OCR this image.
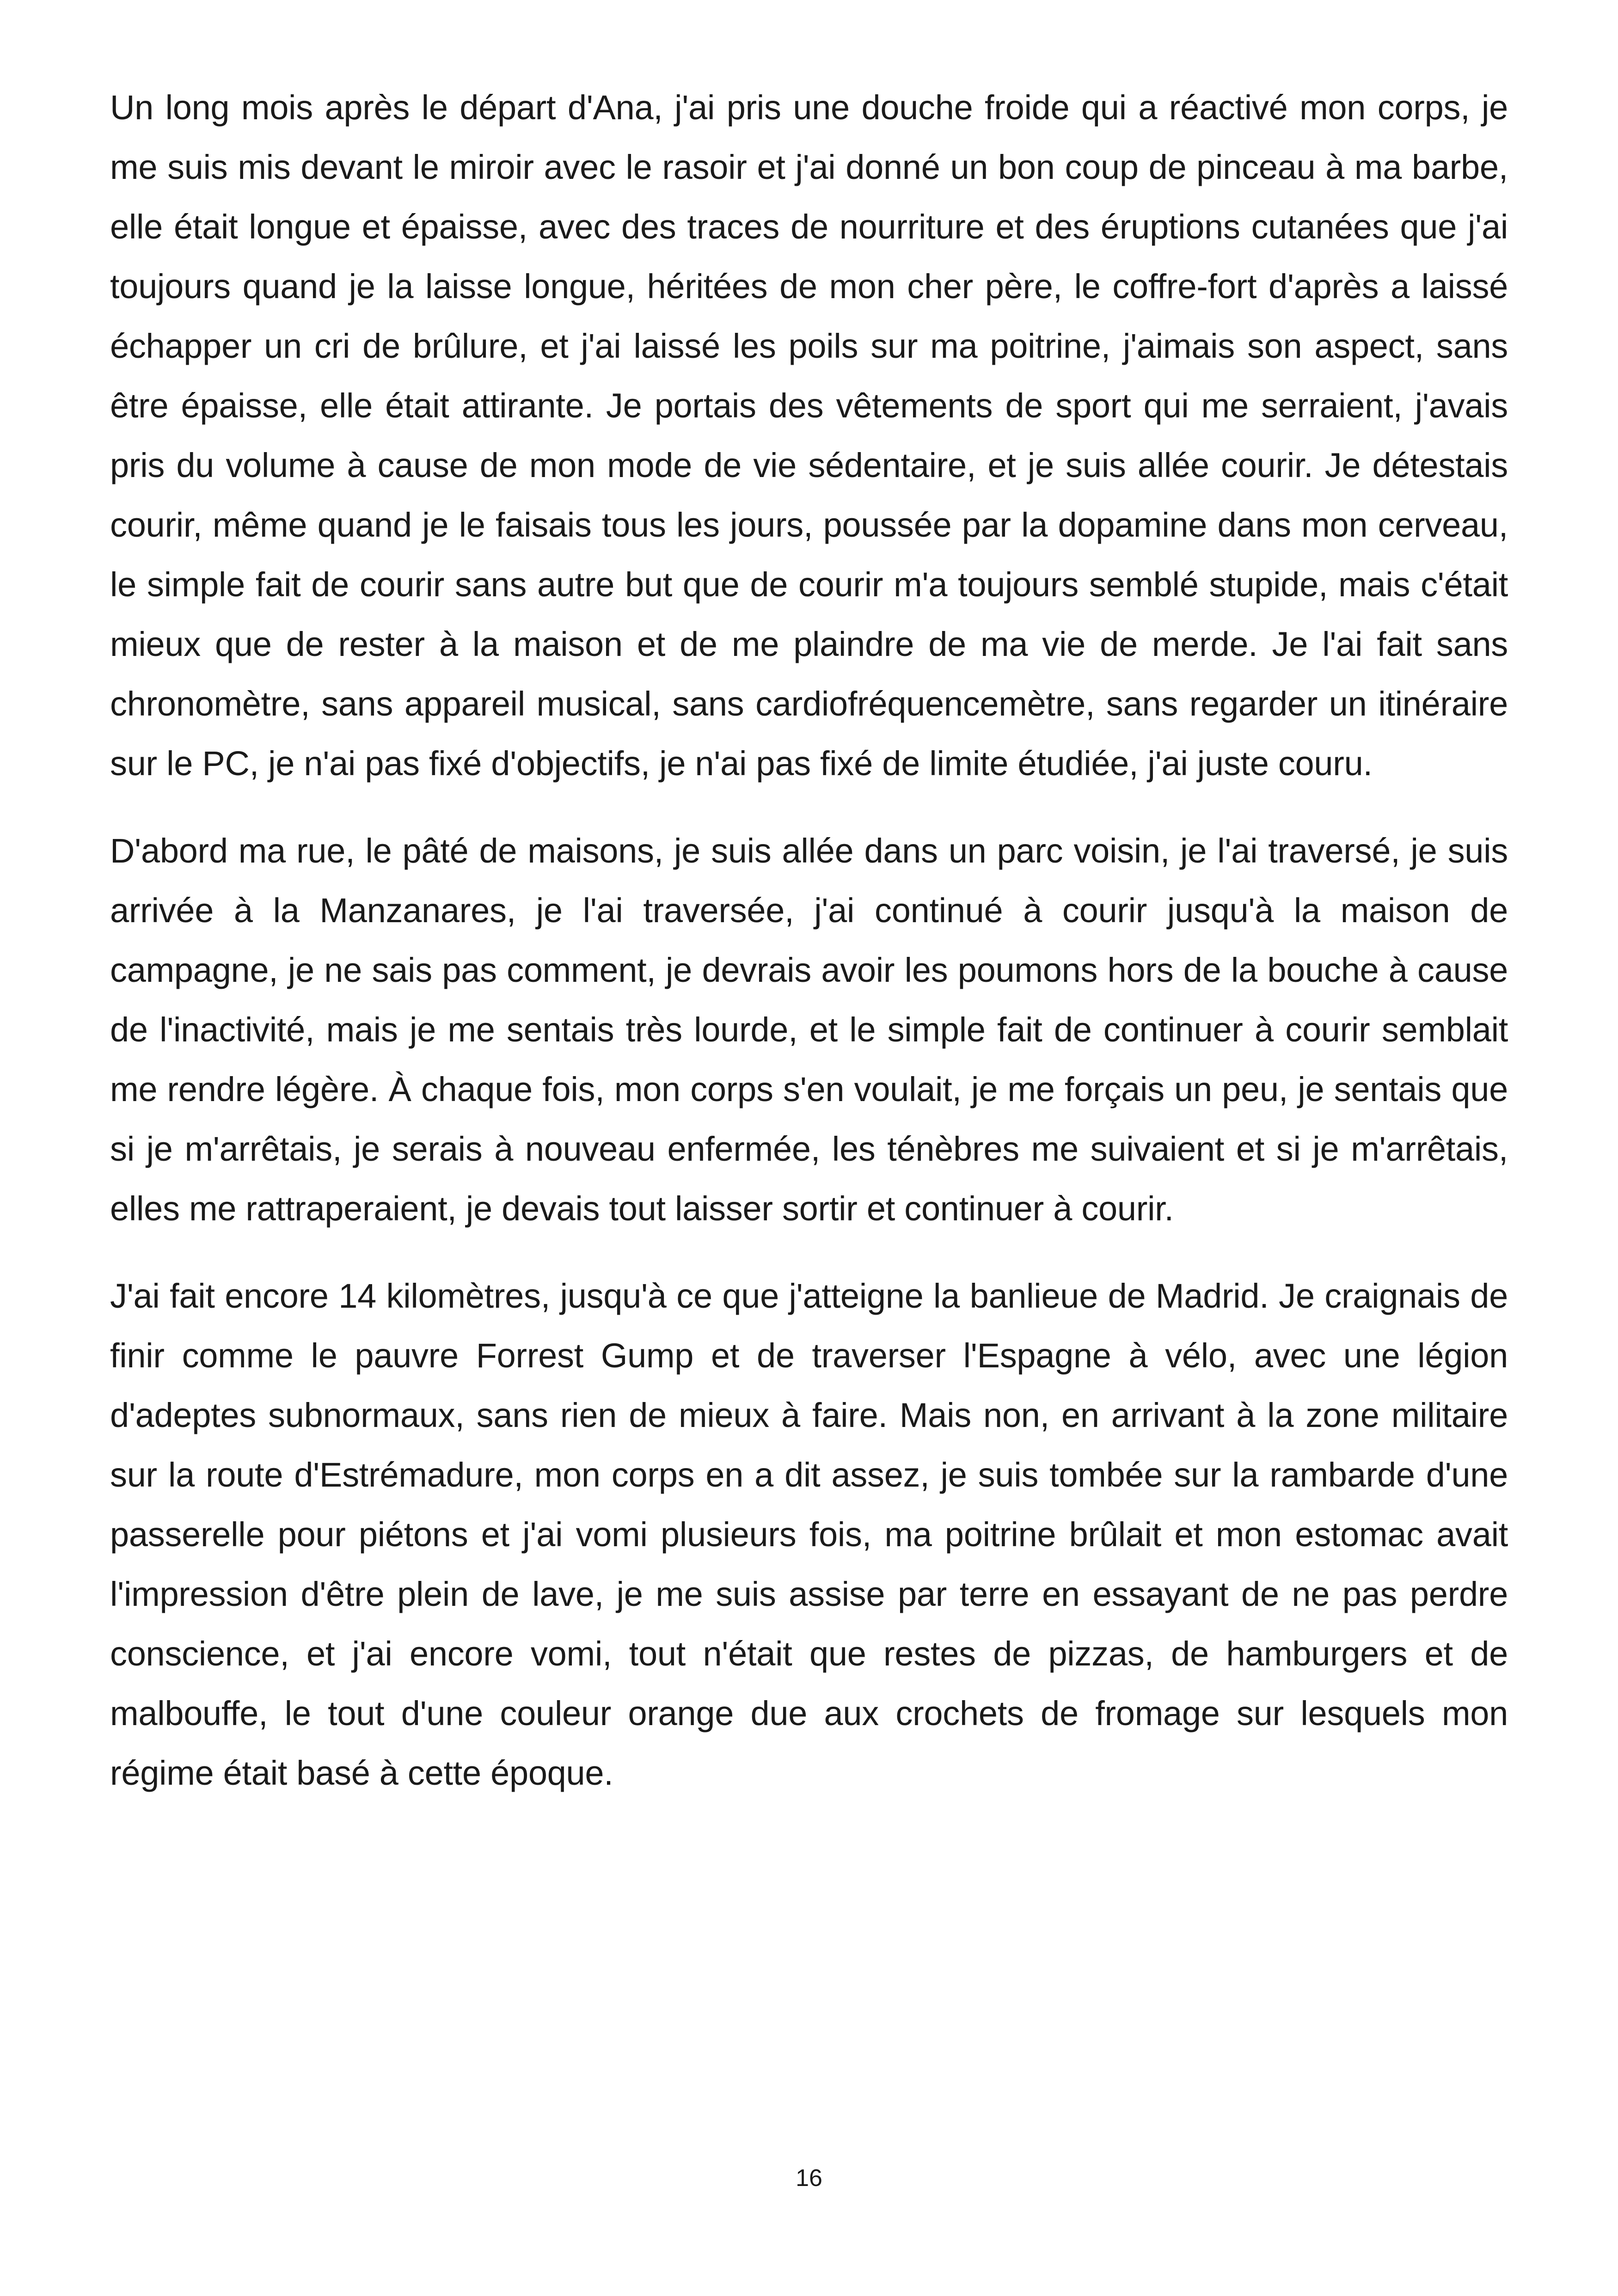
Un long mois après le départ d'Ana, j'ai pris une douche froide qui a réactivé mon corps, je me suis mis devant le miroir avec le rasoir et j'ai donné un bon coup de pinceau à ma barbe, elle était longue et épaisse, avec des traces de nourriture et des éruptions cutanées que j'ai toujours quand je la laisse longue, héritées de mon cher père, le coffre-fort d'après a laissé échapper un cri de brûlure, et j'ai laissé les poils sur ma poitrine, j'aimais son aspect, sans être épaisse, elle était attirante. Je portais des vêtements de sport qui me serraient, j'avais pris du volume à cause de mon mode de vie sédentaire, et je suis allée courir. Je détestais courir, même quand je le faisais tous les jours, poussée par la dopamine dans mon cerveau, le simple fait de courir sans autre but que de courir m'a toujours semblé stupide, mais c'était mieux que de rester à la maison et de me plaindre de ma vie de merde. Je l'ai fait sans chronomètre, sans appareil musical, sans cardiofréquencemètre, sans regarder un itinéraire sur le PC, je n'ai pas fixé d'objectifs, je n'ai pas fixé de limite étudiée, j'ai juste couru.

D'abord ma rue, le pâté de maisons, je suis allée dans un parc voisin, je l'ai traversé, je suis arrivée à la Manzanares, je l'ai traversée, j'ai continué à courir jusqu'à la maison de campagne, je ne sais pas comment, je devrais avoir les poumons hors de la bouche à cause de l'inactivité, mais je me sentais très lourde, et le simple fait de continuer à courir semblait me rendre légère. À chaque fois, mon corps s'en voulait, je me forçais un peu, je sentais que si je m'arrêtais, je serais à nouveau enfermée, les ténèbres me suivaient et si je m'arrêtais, elles me rattraperaient, je devais tout laisser sortir et continuer à courir.

J'ai fait encore 14 kilomètres, jusqu'à ce que j'atteigne la banlieue de Madrid. Je craignais de finir comme le pauvre Forrest Gump et de traverser l'Espagne à vélo, avec une légion d'adeptes subnormaux, sans rien de mieux à faire. Mais non, en arrivant à la zone militaire sur la route d'Estrémadure, mon corps en a dit assez, je suis tombée sur la rambarde d'une passerelle pour piétons et j'ai vomi plusieurs fois, ma poitrine brûlait et mon estomac avait l'impression d'être plein de lave, je me suis assise par terre en essayant de ne pas perdre conscience, et j'ai encore vomi, tout n'était que restes de pizzas, de hamburgers et de malbouffe, le tout d'une couleur orange due aux crochets de fromage sur lesquels mon régime était basé à cette époque.

16
